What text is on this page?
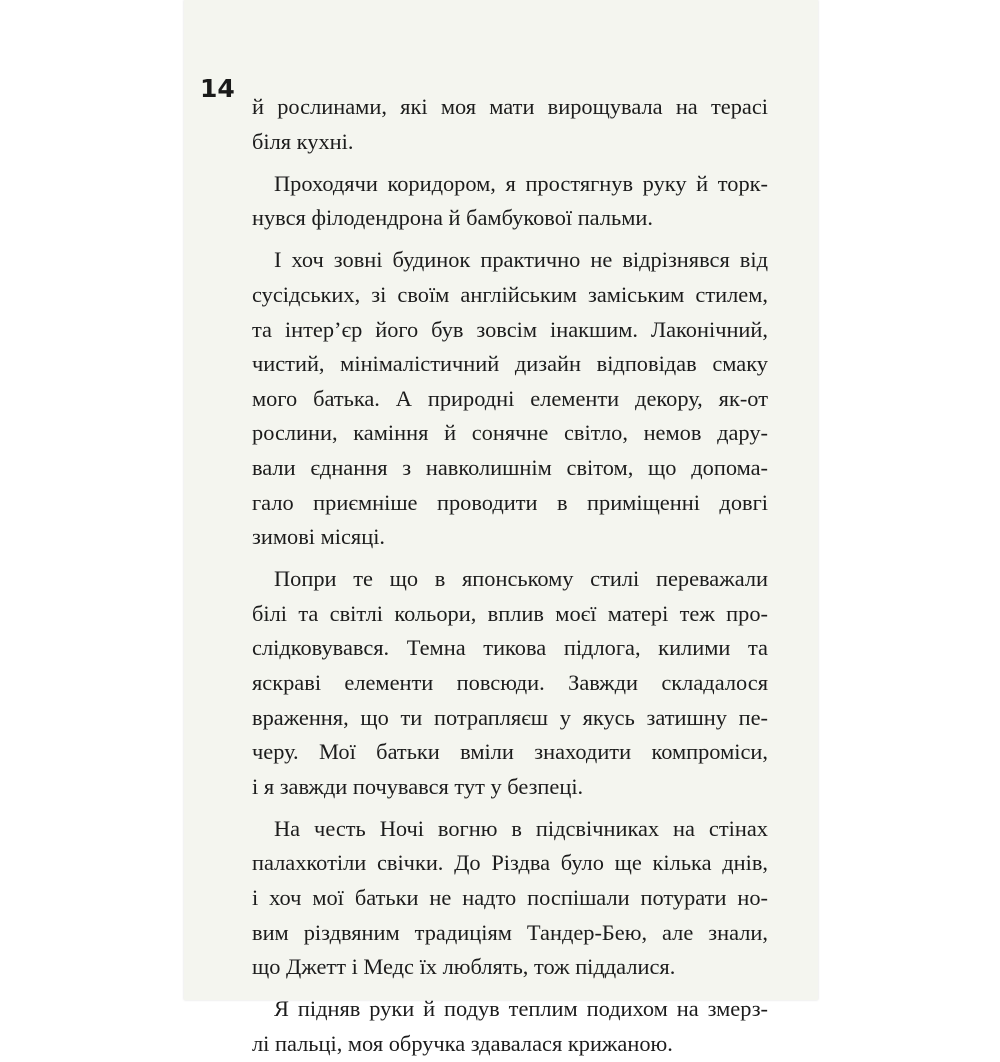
14
й рослинами, які моя мати вирощувала на терасі
біля кухні.
Проходячи коридором, я простягнув руку й торк-
нувся філодендрона й бамбукової пальми.
І хоч зовні будинок практично не відрізнявся від
сусідських, зі своїм англійським заміським стилем,
та інтер’єр його був зовсім інакшим. Лаконічний,
чистий, мінімалістичний дизайн відповідав смаку
мого батька. А природні елементи декору, як-от
рослини, каміння й сонячне світло, немов дару-
вали єднання з навколишнім світом, що допома-
гало приємніше проводити в приміщенні довгі
зимові місяці.
Попри те що в японському стилі переважали
білі та світлі кольори, вплив моєї матері теж про-
слідковувався. Темна тикова підлога, килими та
яскраві елементи повсюди. Завжди складалося
враження, що ти потрапляєш у якусь затишну пе-
черу. Мої батьки вміли знаходити компроміси,
і я завжди почувався тут у безпеці.
На честь Ночі вогню в підсвічниках на стінах
палахкотіли свічки. До Різдва було ще кілька днів,
і хоч мої батьки не надто поспішали потурати но-
вим різдвяним традиціям Тандер-Бею, але знали,
що Джетт і Медс їх люблять, тож піддалися.
Я підняв руки й подув теплим подихом на змерз-
лі пальці, моя обручка здавалася крижаною.
